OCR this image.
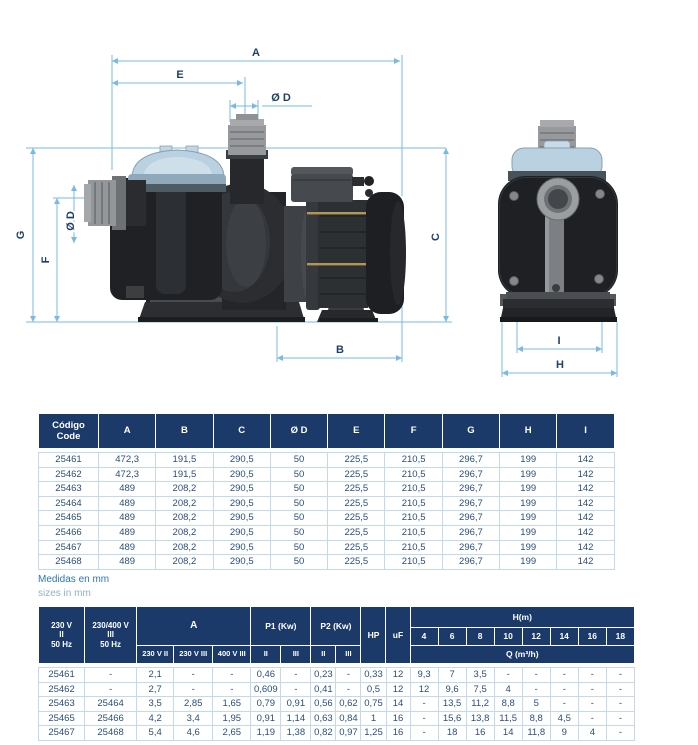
A
E
Ø D
G
F
Ø D
C
B
I
H
Código
Code	A	B	C	Ø D	E	F	G	H	I
25461	472,3	191,5	290,5	50	225,5	210,5	296,7	199	142
25462	472,3	191,5	290,5	50	225,5	210,5	296,7	199	142
25463	489	208,2	290,5	50	225,5	210,5	296,7	199	142
25464	489	208,2	290,5	50	225,5	210,5	296,7	199	142
25465	489	208,2	290,5	50	225,5	210,5	296,7	199	142
25466	489	208,2	290,5	50	225,5	210,5	296,7	199	142
25467	489	208,2	290,5	50	225,5	210,5	296,7	199	142
25468	489	208,2	290,5	50	225,5	210,5	296,7	199	142
Medidas en mm
sizes in mm
230 V
II
50 Hz	230/400 V
III
50 Hz	A			P1 (Kw)		P2 (Kw)		HP	uF	H(m)							
											4	6	8	10	12	14	16	18
		230 V II	230 V III	400 V III	II	III	II	III			Q (m³/h)							
25461	-	2,1	-	-	0,46	-	0,23	-	0,33	12	9,3	7	3,5	-	-	-	-	-
25462	-	2,7	-	-	0,609	-	0,41	-	0,5	12	12	9,6	7,5	4	-	-	-	-
25463	25464	3,5	2,85	1,65	0,79	0,91	0,56	0,62	0,75	14	-	13,5	11,2	8,8	5	-	-	-
25465	25466	4,2	3,4	1,95	0,91	1,14	0,63	0,84	1	16	-	15,6	13,8	11,5	8,8	4,5	-	-
25467	25468	5,4	4,6	2,65	1,19	1,38	0,82	0,97	1,25	16	-	18	16	14	11,8	9	4	-
